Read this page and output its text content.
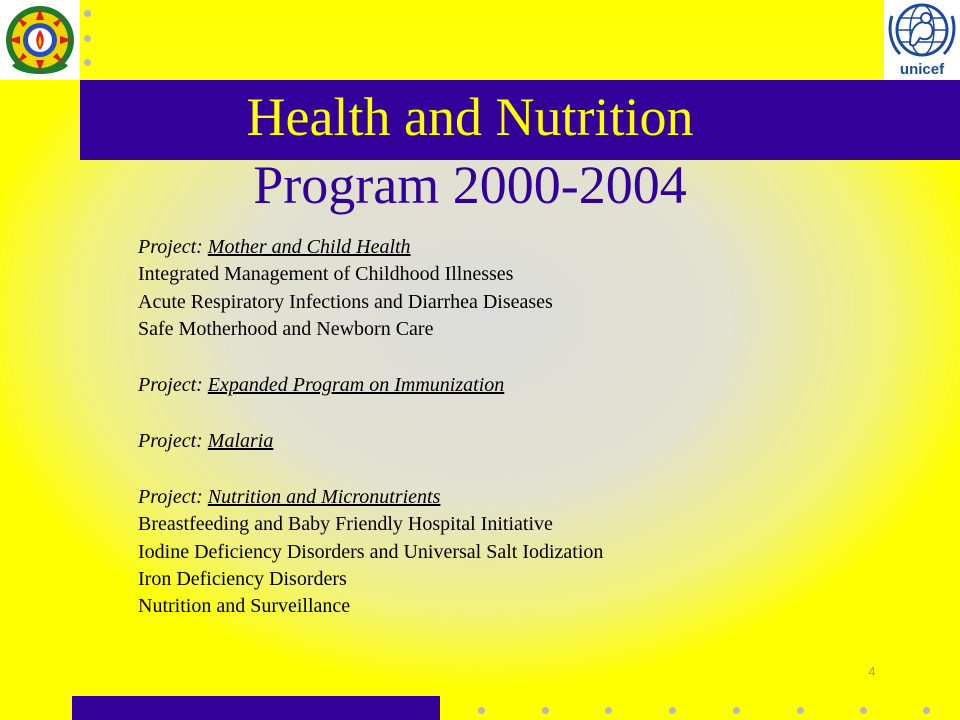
unicef
Health and Nutrition
Program 2000-2004
Project: Mother and Child Health
Integrated Management of Childhood Illnesses
Acute Respiratory Infections and Diarrhea Diseases
Safe Motherhood and Newborn Care
Project: Expanded Program on Immunization
Project: Malaria
Project: Nutrition and Micronutrients
Breastfeeding and Baby Friendly Hospital Initiative
Iodine Deficiency Disorders and Universal Salt Iodization
Iron Deficiency Disorders
Nutrition and Surveillance
4
